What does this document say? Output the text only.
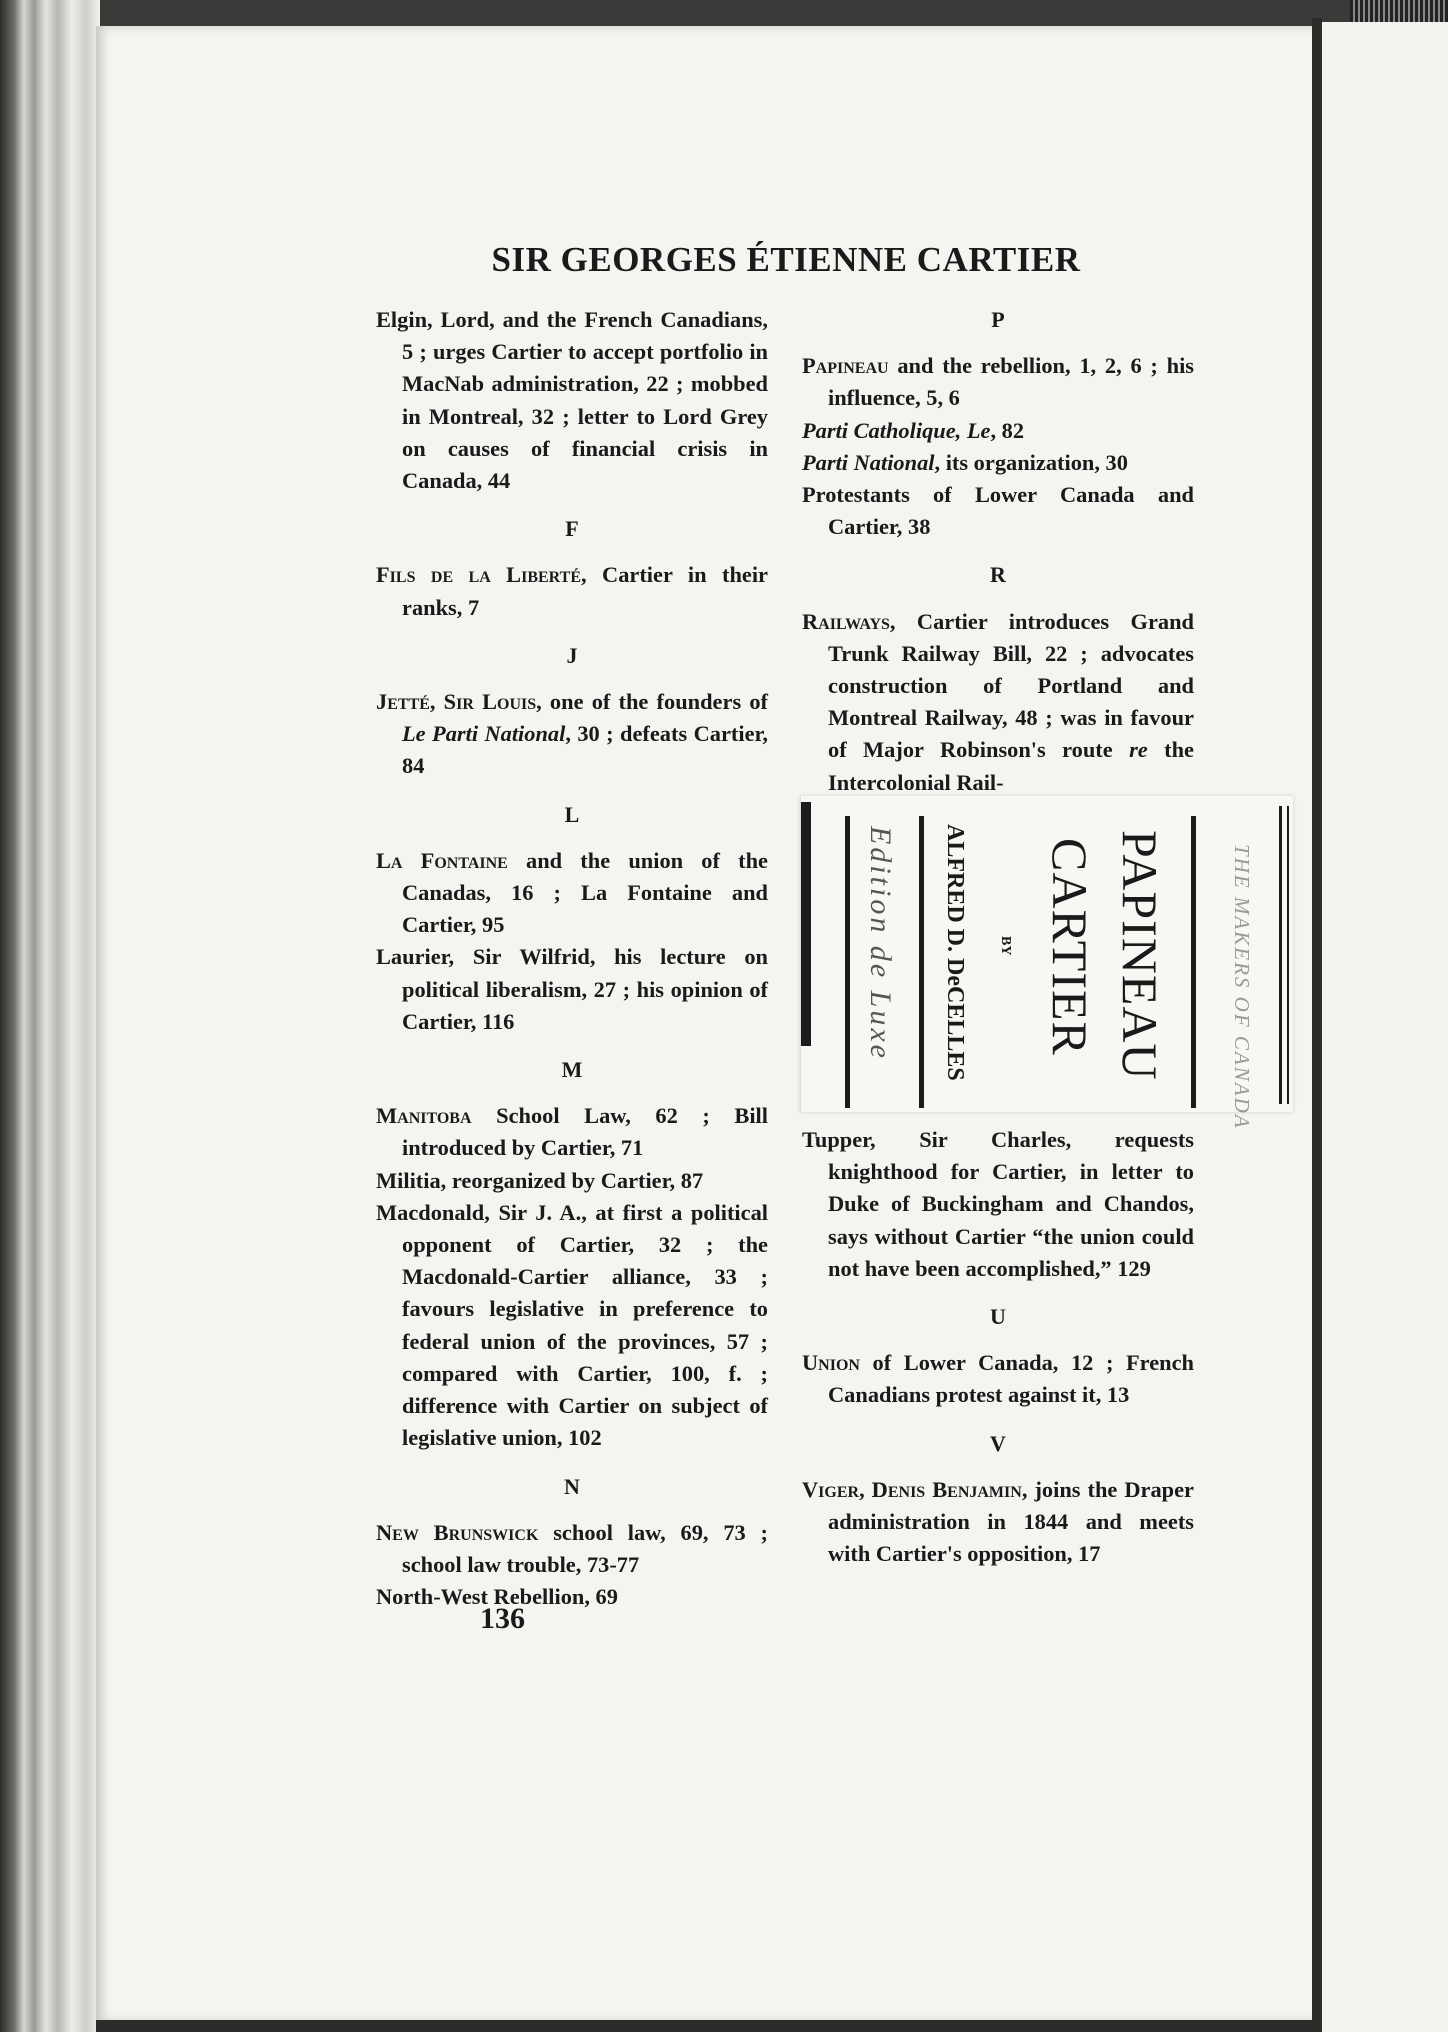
SIR GEORGES ÉTIENNE CARTIER

Elgin, Lord, and the French Canadians, 5 ; urges Cartier to accept portfolio in MacNab administration, 22 ; mobbed in Montreal, 32 ; letter to Lord Grey on causes of financial crisis in Canada, 44

F

Fils de la Liberté, Cartier in their ranks, 7

J

Jetté, Sir Louis, one of the founders of Le Parti National, 30 ; defeats Cartier, 84

L

La Fontaine and the union of the Canadas, 16 ; La Fontaine and Cartier, 95

Laurier, Sir Wilfrid, his lecture on political liberalism, 27 ; his opinion of Cartier, 116

M

Manitoba School Law, 62 ; Bill introduced by Cartier, 71

Militia, reorganized by Cartier, 87

Macdonald, Sir J. A., at first a political opponent of Cartier, 32 ; the Macdonald-Cartier alliance, 33 ; favours legislative in preference to federal union of the provinces, 57 ; compared with Cartier, 100, f. ; difference with Cartier on subject of legislative union, 102

N

New Brunswick school law, 69, 73 ; school law trouble, 73-77

North-West Rebellion, 69

P

Papineau and the rebellion, 1, 2, 6 ; his influence, 5, 6

Parti Catholique, Le, 82

Parti National, its organization, 30

Protestants of Lower Canada and Cartier, 38

R

Railways, Cartier introduces Grand Trunk Railway Bill, 22 ; advocates construction of Portland and Montreal Railway, 48 ; was in favour of Major Robinson's route re the Intercolonial Rail-

Tupper, Sir Charles, requests knighthood for Cartier, in letter to Duke of Buckingham and Chandos, says without Cartier “the union could not have been accomplished,” 129

U

Union of Lower Canada, 12 ; French Canadians protest against it, 13

V

Viger, Denis Benjamin, joins the Draper administration in 1844 and meets with Cartier's opposition, 17

136
Edition de Luxe ALFRED D. DeCELLES BY CARTIER PAPINEAU	THE MAKERS OF CANADA
